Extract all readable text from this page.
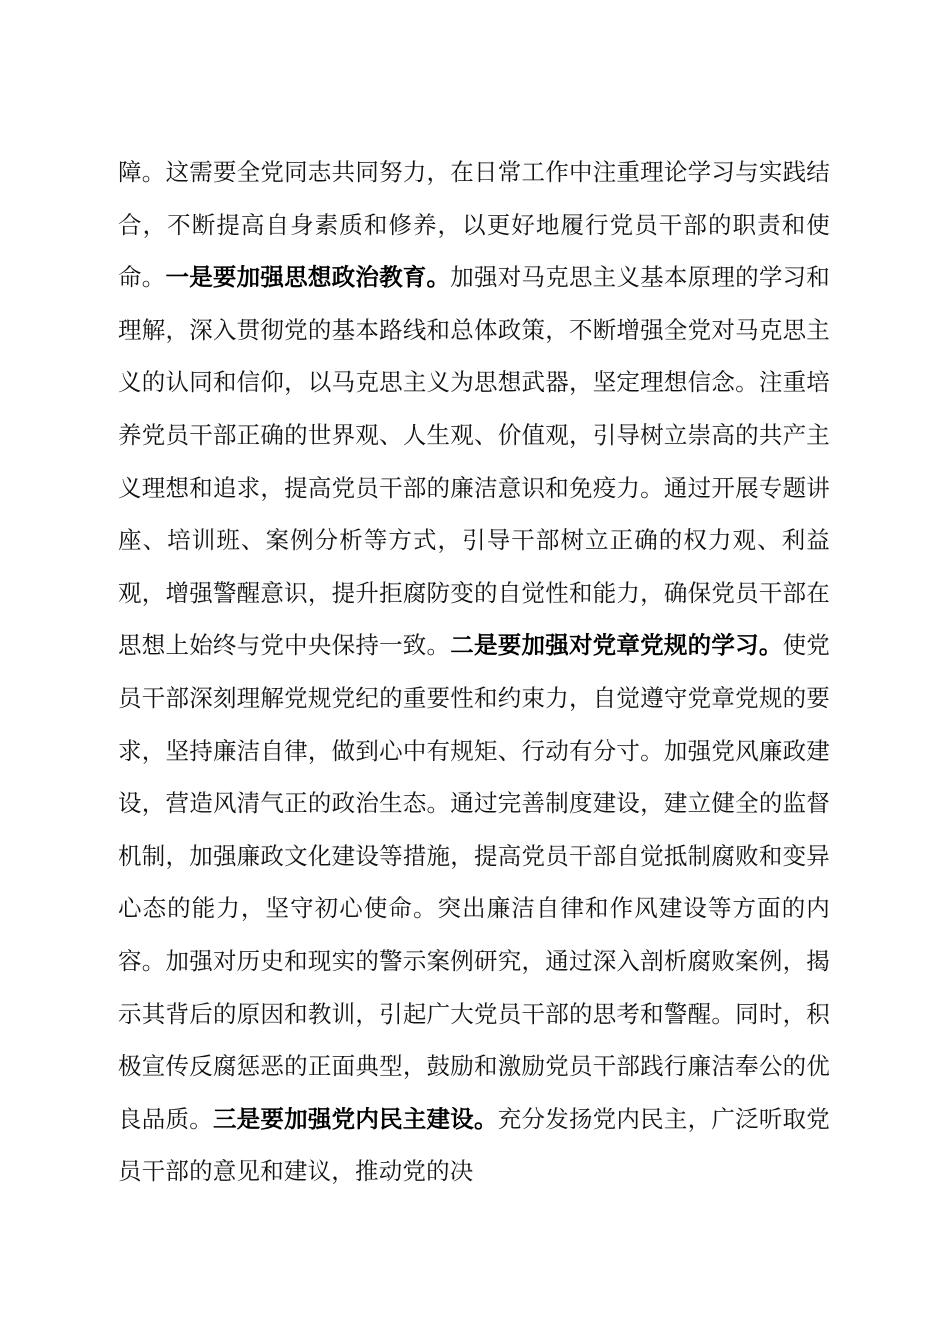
障。这需要全党同志共同努力，在日常工作中注重理论学习与实践结合，不断提高自身素质和修养，以更好地履行党员干部的职责和使命。一是要加强思想政治教育。加强对马克思主义基本原理的学习和理解，深入贯彻党的基本路线和总体政策，不断增强全党对马克思主义的认同和信仰，以马克思主义为思想武器，坚定理想信念。注重培养党员干部正确的世界观、人生观、价值观，引导树立崇高的共产主义理想和追求，提高党员干部的廉洁意识和免疫力。通过开展专题讲座、培训班、案例分析等方式，引导干部树立正确的权力观、利益观，增强警醒意识，提升拒腐防变的自觉性和能力，确保党员干部在思想上始终与党中央保持一致。二是要加强对党章党规的学习。使党员干部深刻理解党规党纪的重要性和约束力，自觉遵守党章党规的要求，坚持廉洁自律，做到心中有规矩、行动有分寸。加强党风廉政建设，营造风清气正的政治生态。通过完善制度建设，建立健全的监督机制，加强廉政文化建设等措施，提高党员干部自觉抵制腐败和变异心态的能力，坚守初心使命。突出廉洁自律和作风建设等方面的内容。加强对历史和现实的警示案例研究，通过深入剖析腐败案例，揭示其背后的原因和教训，引起广大党员干部的思考和警醒。同时，积极宣传反腐惩恶的正面典型，鼓励和激励党员干部践行廉洁奉公的优良品质。三是要加强党内民主建设。充分发扬党内民主，广泛听取党员干部的意见和建议，推动党的决
